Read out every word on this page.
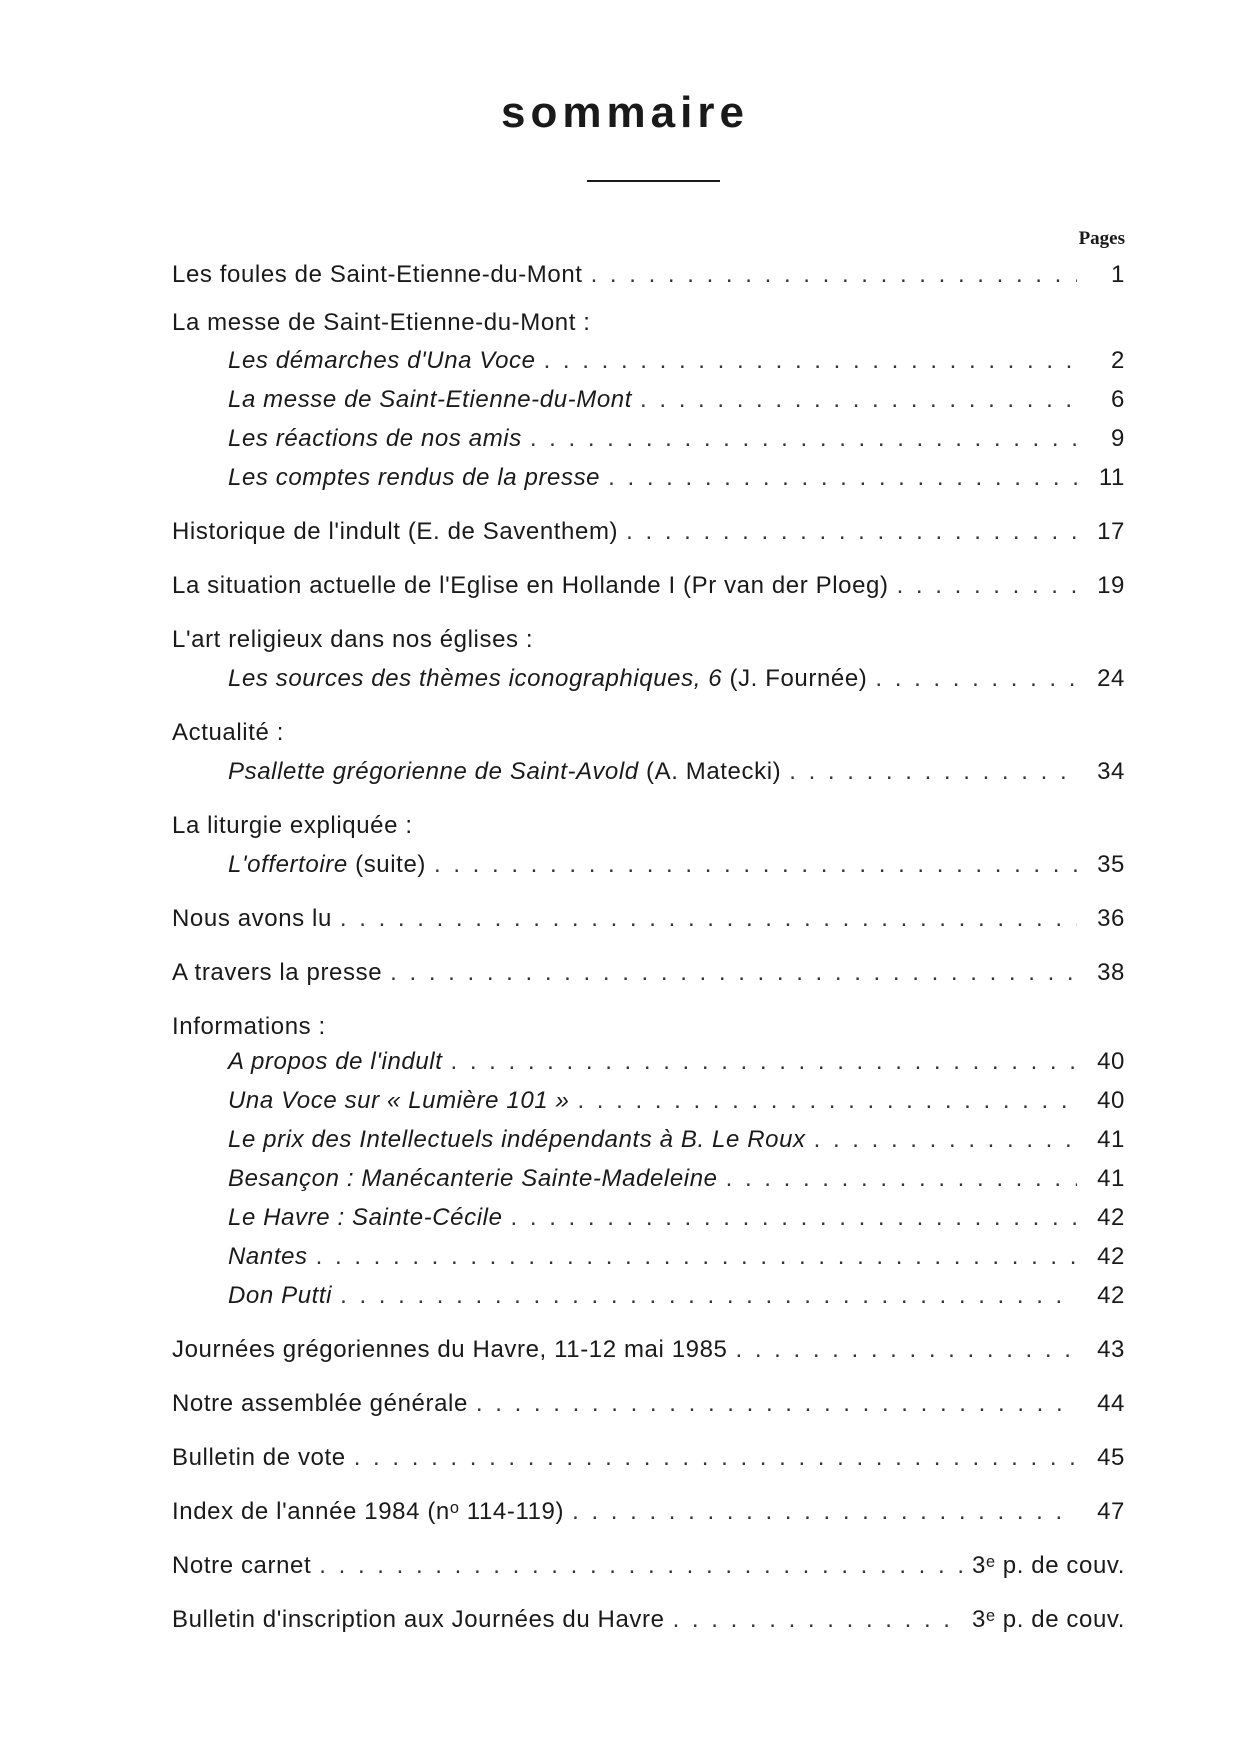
sommaire
Pages
Les foules de Saint-Etienne-du-Mont . . .	1
La messe de Saint-Etienne-du-Mont :
Les démarches d'Una Voce . . .	2
La messe de Saint-Etienne-du-Mont . . .	6
Les réactions de nos amis . . .	9
Les comptes rendus de la presse . . .	11
Historique de l'indult (E. de Saventhem) . . .	17
La situation actuelle de l'Eglise en Hollande I (Pr van der Ploeg) . . .	19
L'art religieux dans nos églises :
Les sources des thèmes iconographiques, 6 (J. Fournée) . . .	24
Actualité :
Psallette grégorienne de Saint-Avold (A. Matecki) . . .	34
La liturgie expliquée :
L'offertoire (suite) . . .	35
Nous avons lu . . .	36
A travers la presse . . .	38
Informations :
A propos de l'indult . . .	40
Una Voce sur « Lumière 101 » . . .	40
Le prix des Intellectuels indépendants à B. Le Roux . . .	41
Besançon : Manécanterie Sainte-Madeleine . . .	41
Le Havre : Sainte-Cécile . . .	42
Nantes . . .	42
Don Putti . . .	42
Journées grégoriennes du Havre, 11-12 mai 1985 . . .	43
Notre assemblée générale . . .	44
Bulletin de vote . . .	45
Index de l'année 1984 (nᵒ 114-119) . . .	47
Notre carnet . . .	3ᵉ p. de couv.
Bulletin d'inscription aux Journées du Havre . . .	3ᵉ p. de couv.
